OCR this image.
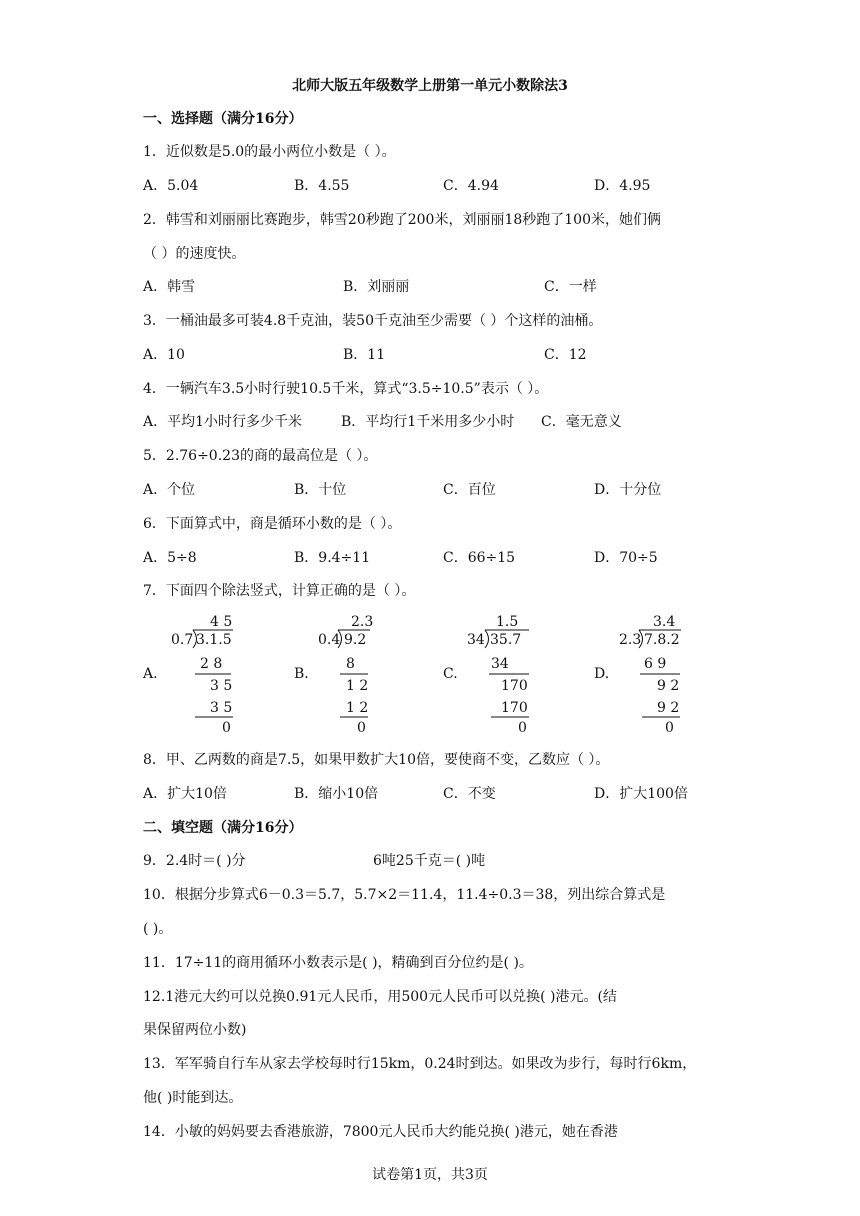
北师大版五年级数学上册第一单元小数除法3
一、选择题（满分16分）
1．近似数是5.0的最小两位小数是（ ）。
A．5.04	B．4.55	C．4.94	D．4.95
2．韩雪和刘丽丽比赛跑步，韩雪20秒跑了200米，刘丽丽18秒跑了100米，她们俩
（ ）的速度快。
A．韩雪	B．刘丽丽	C．一样
3．一桶油最多可装4.8千克油，装50千克油至少需要（ ）个这样的油桶。
A．10	B．11	C．12
4．一辆汽车3.5小时行驶10.5千米，算式“3.5÷10.5”表示（ ）。
A．平均1小时行多少千米	B．平均行1千米用多少小时 C．毫无意义
5．2.76÷0.23的商的最高位是（ ）。
A．个位	B．十位	C．百位	D．十分位
6．下面算式中，商是循环小数的是（ ）。
A．5÷8	B．9.4÷11	C．66÷15	D．70÷5
7．下面四个除法竖式，计算正确的是（ ）。
A.
4 5
0.7 3.1.5
2 8
3 5
3 5
0
B.
2.3
0.4 9.2
8
1 2
1 2
0
C.
1.5
34 35.7
34
170
170
0
D.
3.4
2.3 7.8.2
6 9
9 2
9 2
0
8．甲、乙两数的商是7.5，如果甲数扩大10倍，要使商不变，乙数应（ ）。
A．扩大10倍	B．缩小10倍	C．不变	D．扩大100倍
二、填空题（满分16分）
9．2.4时＝( )分	6吨25千克＝( )吨
10．根据分步算式6－0.3＝5.7，5.7×2＝11.4，11.4÷0.3＝38，列出综合算式是
( )。
11．17÷11的商用循环小数表示是( )，精确到百分位约是( )。
12.1港元大约可以兑换0.91元人民币，用500元人民币可以兑换( )港元。(结
果保留两位小数)
13．军军骑自行车从家去学校每时行15km，0.24时到达。如果改为步行，每时行6km，
他( )时能到达。
14．小敏的妈妈要去香港旅游，7800元人民币大约能兑换( )港元，她在香港
试卷第1页，共3页
